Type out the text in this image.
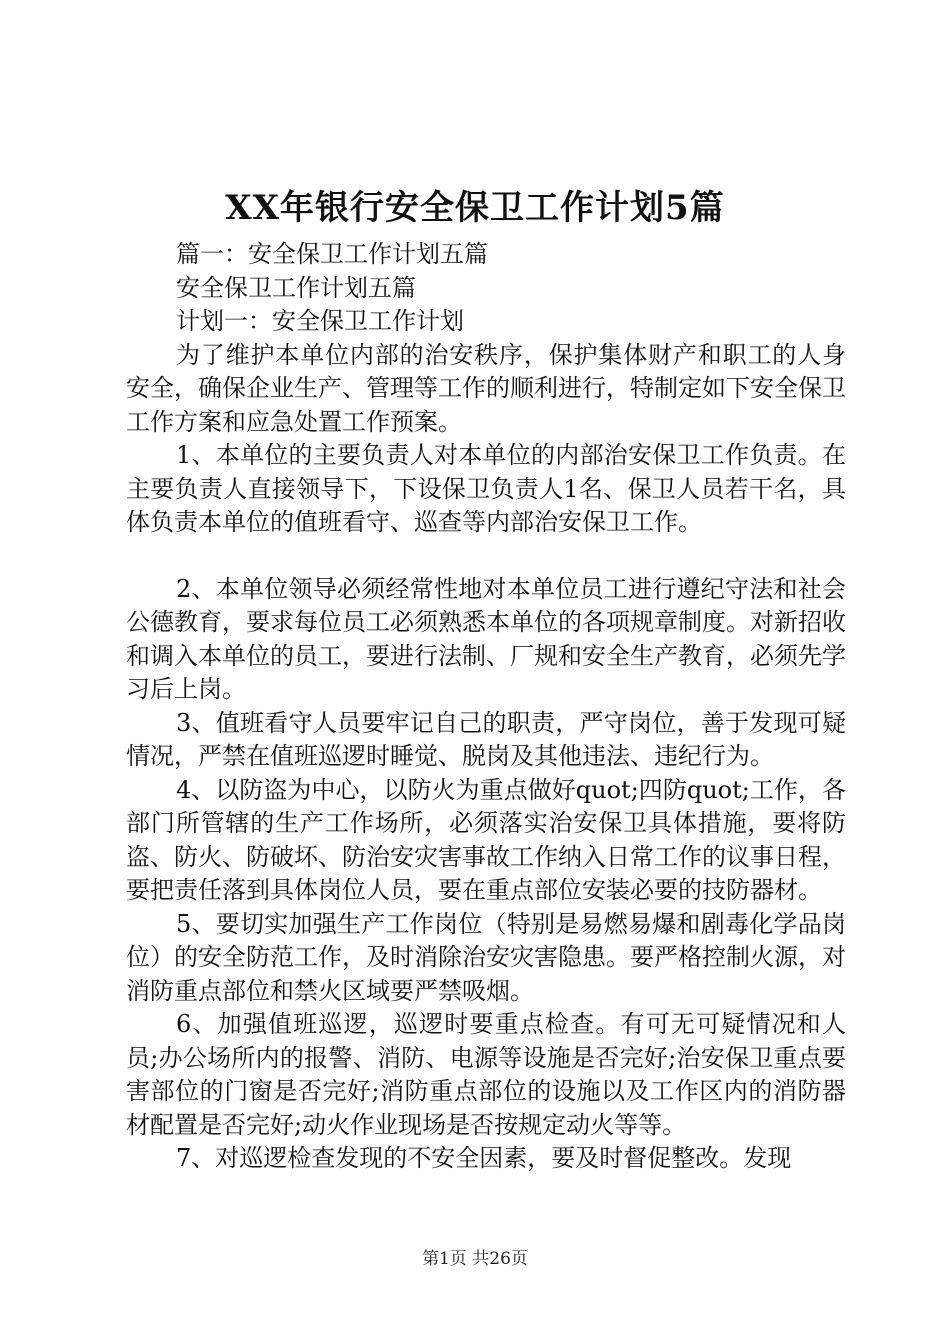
XX年银行安全保卫工作计划5篇

篇一：安全保卫工作计划五篇

安全保卫工作计划五篇

计划一：安全保卫工作计划

为了维护本单位内部的治安秩序，保护集体财产和职工的人身安全，确保企业生产、管理等工作的顺利进行，特制定如下安全保卫工作方案和应急处置工作预案。

1、本单位的主要负责人对本单位的内部治安保卫工作负责。在主要负责人直接领导下，下设保卫负责人1名、保卫人员若干名，具体负责本单位的值班看守、巡查等内部治安保卫工作。

2、本单位领导必须经常性地对本单位员工进行遵纪守法和社会公德教育，要求每位员工必须熟悉本单位的各项规章制度。对新招收和调入本单位的员工，要进行法制、厂规和安全生产教育，必须先学习后上岗。

3、值班看守人员要牢记自己的职责，严守岗位，善于发现可疑情况，严禁在值班巡逻时睡觉、脱岗及其他违法、违纪行为。

4、以防盗为中心，以防火为重点做好quot;四防quot;工作，各部门所管辖的生产工作场所，必须落实治安保卫具体措施，要将防盗、防火、防破坏、防治安灾害事故工作纳入日常工作的议事日程，要把责任落到具体岗位人员，要在重点部位安装必要的技防器材。

5、要切实加强生产工作岗位（特别是易燃易爆和剧毒化学品岗位）的安全防范工作，及时消除治安灾害隐患。要严格控制火源，对消防重点部位和禁火区域要严禁吸烟。

6、加强值班巡逻，巡逻时要重点检查。有可无可疑情况和人员;办公场所内的报警、消防、电源等设施是否完好;治安保卫重点要害部位的门窗是否完好;消防重点部位的设施以及工作区内的消防器材配置是否完好;动火作业现场是否按规定动火等等。

7、对巡逻检查发现的不安全因素，要及时督促整改。发现

第1页 共26页
